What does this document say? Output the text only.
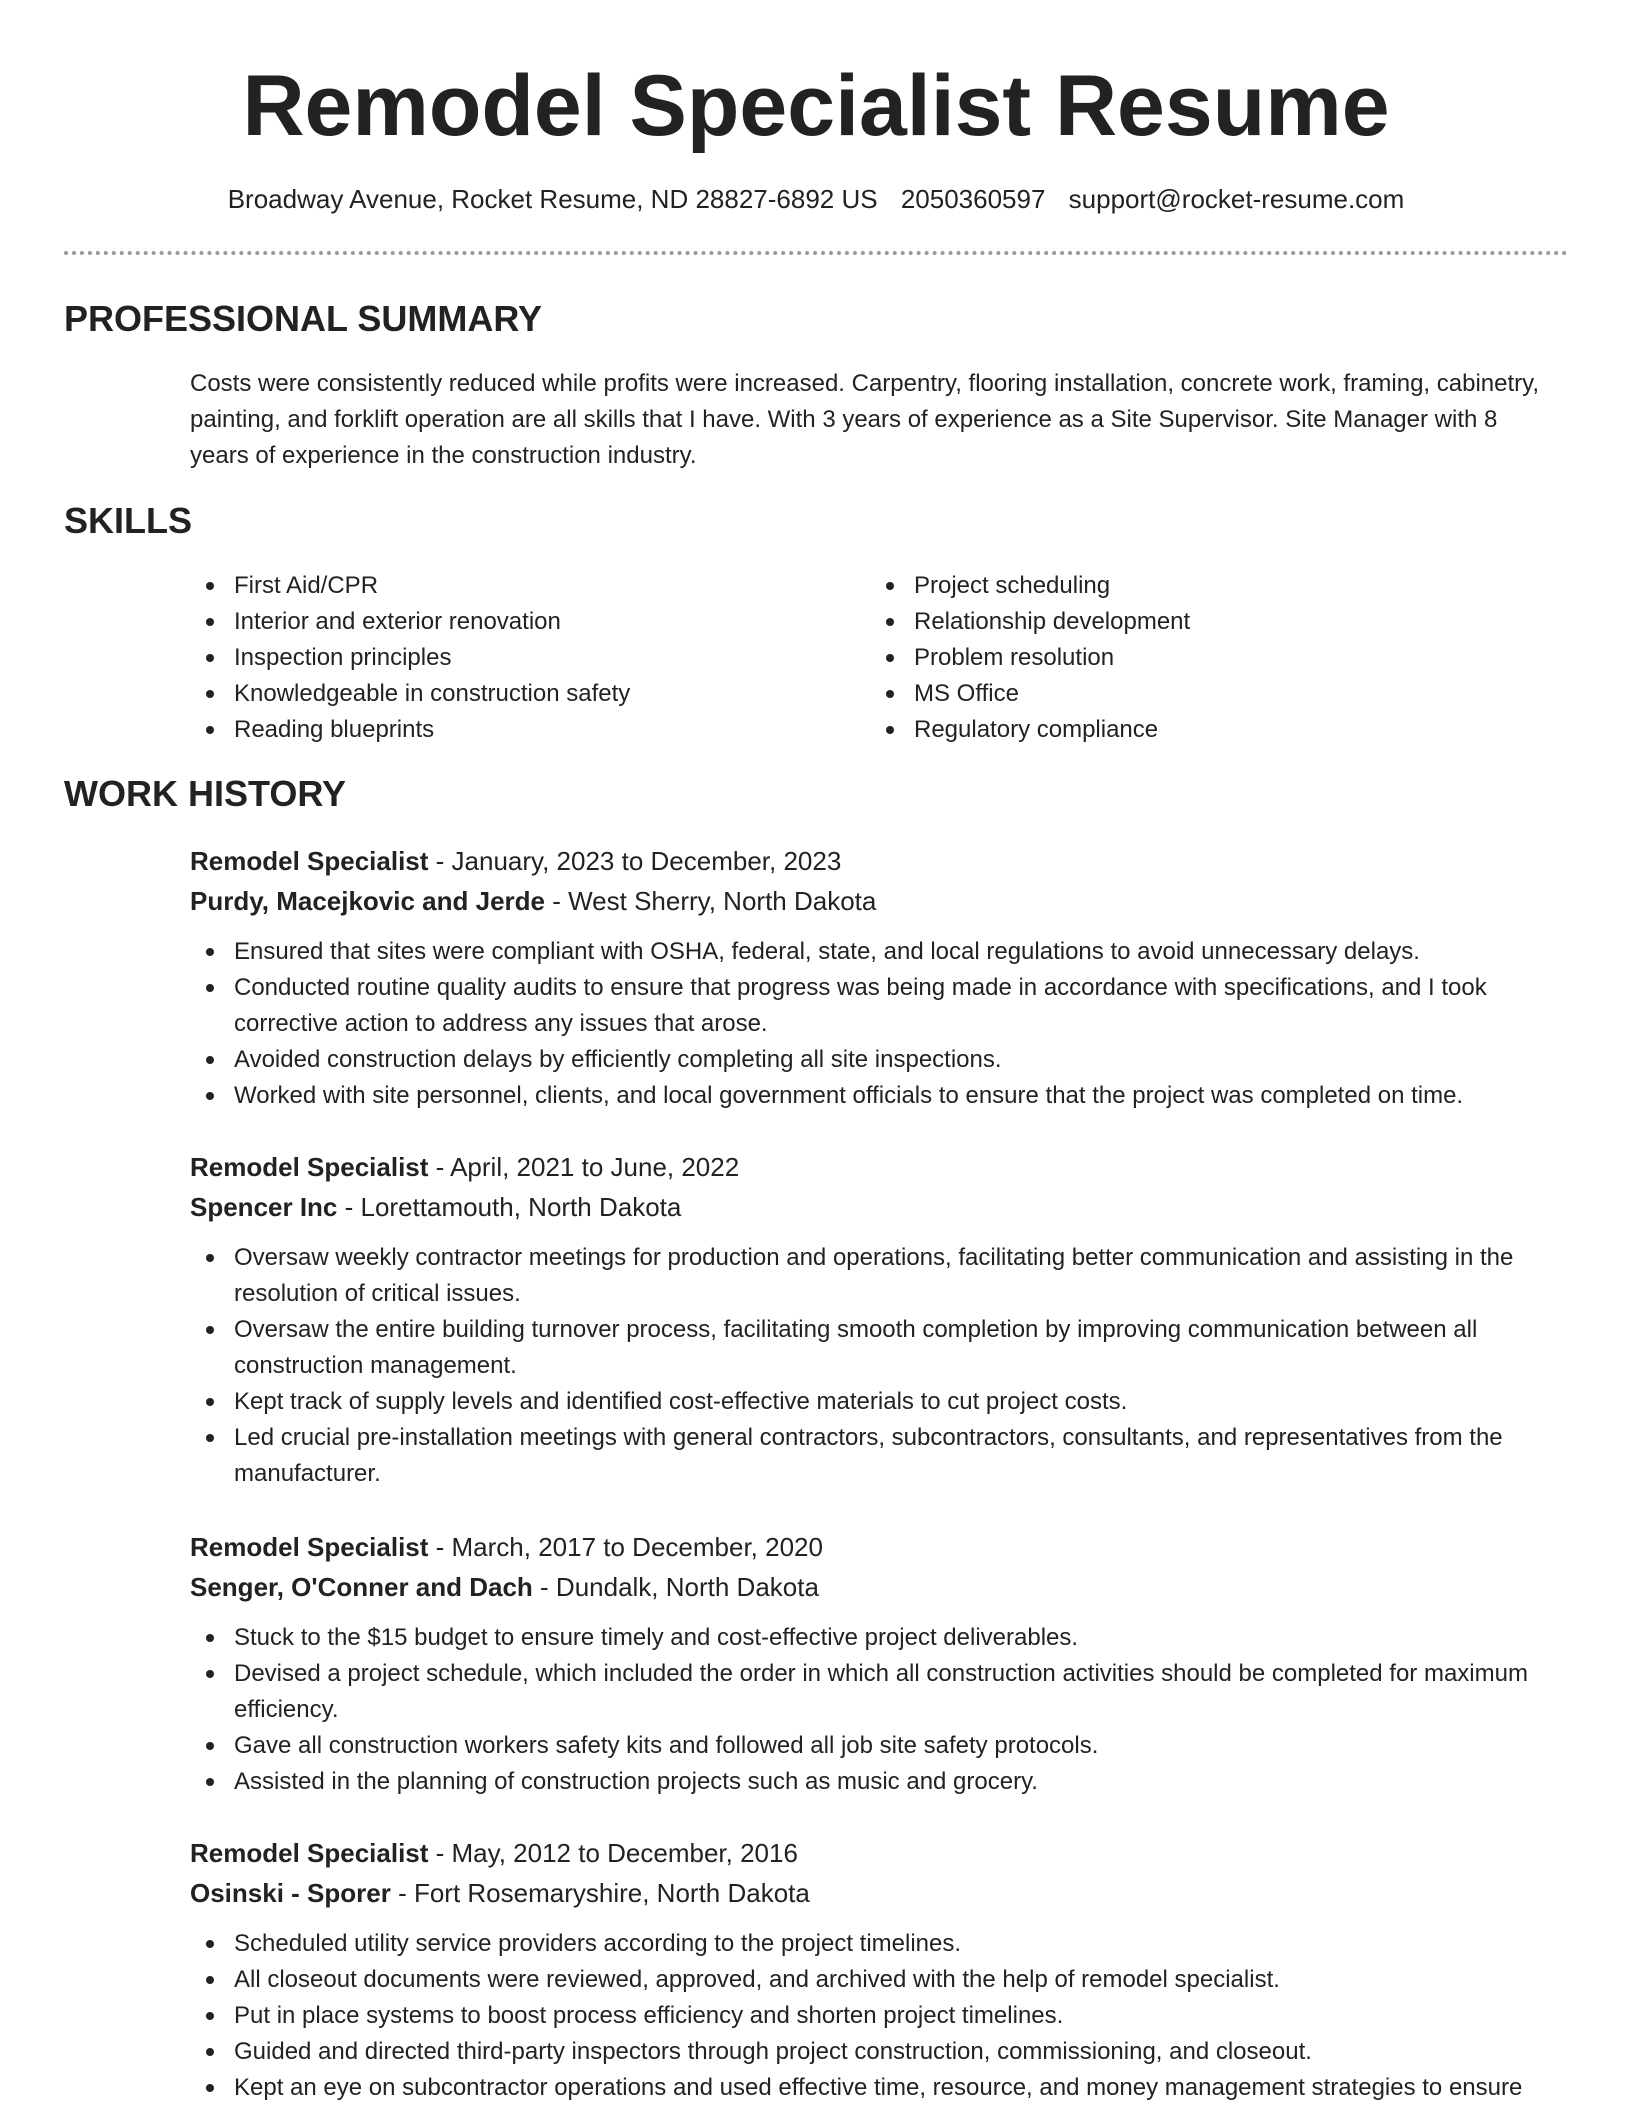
Remodel Specialist Resume
Broadway Avenue, Rocket Resume, ND 28827-6892 US 2050360597 support@rocket-resume.com
PROFESSIONAL SUMMARY

Costs were consistently reduced while profits were increased. Carpentry, flooring installation, concrete work, framing, cabinetry, painting, and forklift operation are all skills that I have. With 3 years of experience as a Site Supervisor. Site Manager with 8 years of experience in the construction industry.

SKILLS
First Aid/CPR
Interior and exterior renovation
Inspection principles
Knowledgeable in construction safety
Reading blueprints
Project scheduling
Relationship development
Problem resolution
MS Office
Regulatory compliance
WORK HISTORY

Remodel Specialist - January, 2023 to December, 2023

Purdy, Macejkovic and Jerde - West Sherry, North Dakota

Ensured that sites were compliant with OSHA, federal, state, and local regulations to avoid unnecessary delays.
Conducted routine quality audits to ensure that progress was being made in accordance with specifications, and I took corrective action to address any issues that arose.
Avoided construction delays by efficiently completing all site inspections.
Worked with site personnel, clients, and local government officials to ensure that the project was completed on time.

Remodel Specialist - April, 2021 to June, 2022

Spencer Inc - Lorettamouth, North Dakota

Oversaw weekly contractor meetings for production and operations, facilitating better communication and assisting in the resolution of critical issues.
Oversaw the entire building turnover process, facilitating smooth completion by improving communication between all construction management.
Kept track of supply levels and identified cost-effective materials to cut project costs.
Led crucial pre-installation meetings with general contractors, subcontractors, consultants, and representatives from the manufacturer.

Remodel Specialist - March, 2017 to December, 2020

Senger, O'Conner and Dach - Dundalk, North Dakota

Stuck to the $15 budget to ensure timely and cost-effective project deliverables.
Devised a project schedule, which included the order in which all construction activities should be completed for maximum efficiency.
Gave all construction workers safety kits and followed all job site safety protocols.
Assisted in the planning of construction projects such as music and grocery.

Remodel Specialist - May, 2012 to December, 2016

Osinski - Sporer - Fort Rosemaryshire, North Dakota

Scheduled utility service providers according to the project timelines.
All closeout documents were reviewed, approved, and archived with the help of remodel specialist.
Put in place systems to boost process efficiency and shorten project timelines.
Guided and directed third-party inspectors through project construction, commissioning, and closeout.
Kept an eye on subcontractor operations and used effective time, resource, and money management strategies to ensure
